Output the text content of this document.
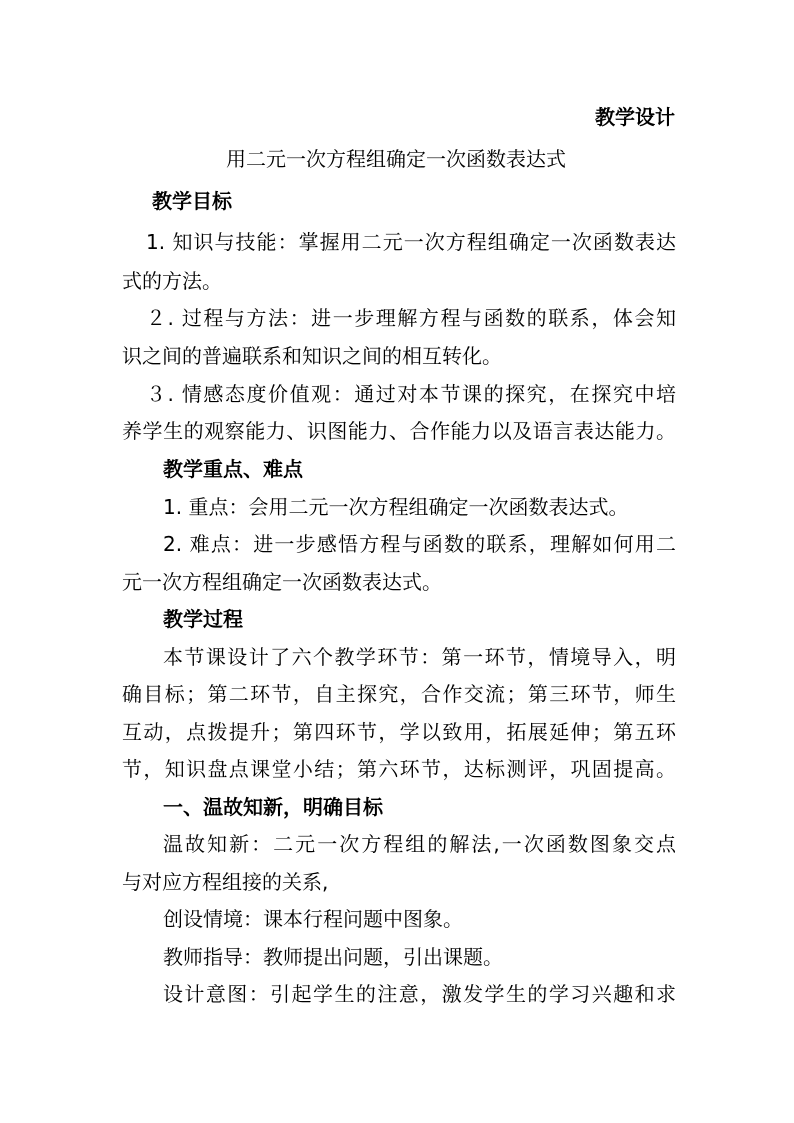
教学设计
用二元一次方程组确定一次函数表达式
教学目标
1. 知识与技能：掌握用二元一次方程组确定一次函数表达
式的方法。
２. 过程与方法：进一步理解方程与函数的联系，体会知
识之间的普遍联系和知识之间的相互转化。
３. 情感态度价值观：通过对本节课的探究，在探究中培
养学生的观察能力、识图能力、合作能力以及语言表达能力。
教学重点、难点
1. 重点：会用二元一次方程组确定一次函数表达式。
2. 难点：进一步感悟方程与函数的联系，理解如何用二
元一次方程组确定一次函数表达式。
教学过程
本节课设计了六个教学环节：第一环节，情境导入，明
确目标；第二环节，自主探究，合作交流；第三环节，师生
互动，点拨提升；第四环节，学以致用，拓展延伸；第五环
节，知识盘点课堂小结；第六环节，达标测评，巩固提高。
一、温故知新，明确目标
温故知新：二元一次方程组的解法,一次函数图象交点
与对应方程组接的关系,
创设情境：课本行程问题中图象。
教师指导：教师提出问题，引出课题。
设计意图：引起学生的注意，激发学生的学习兴趣和求
